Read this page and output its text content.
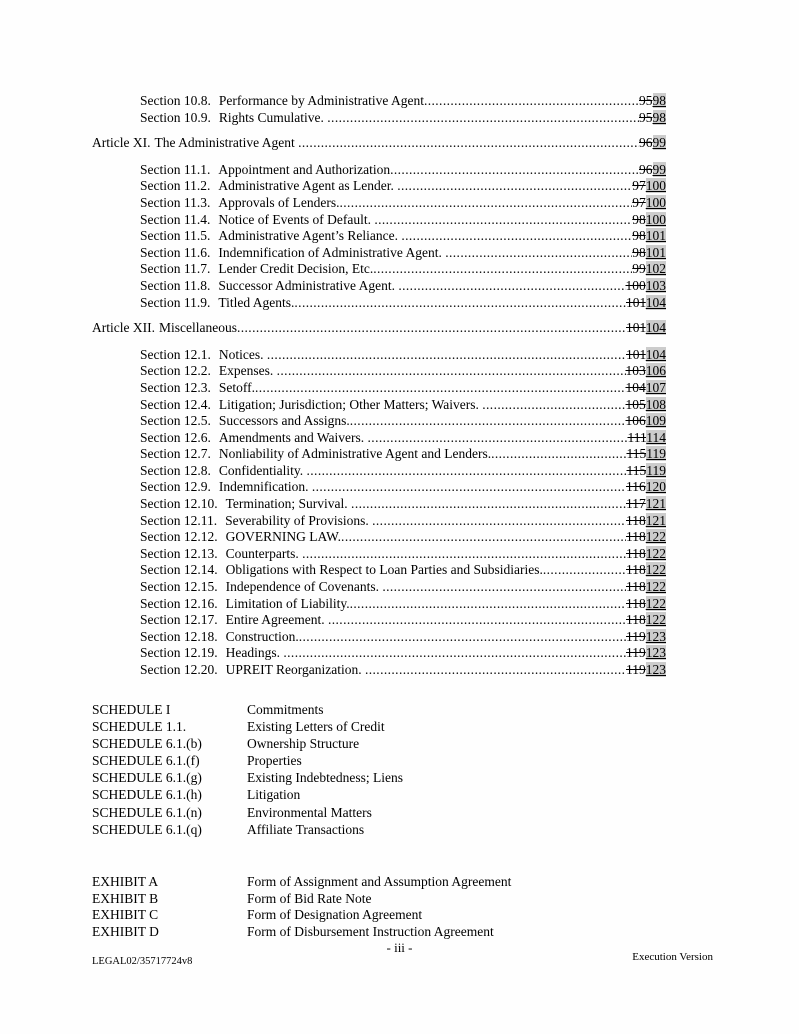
Section 10.8. Performance by Administrative Agent .....	9598
Section 10.9. Rights Cumulative. .....	9598
Article XI. The Administrative Agent .....	9699
Section 11.1. Appointment and Authorization .....	9699
Section 11.2. Administrative Agent as Lender. .....	97100
Section 11.3. Approvals of Lenders. .....	97100
Section 11.4. Notice of Events of Default. .....	98100
Section 11.5. Administrative Agent’s Reliance. .....	98101
Section 11.6. Indemnification of Administrative Agent. .....	98101
Section 11.7. Lender Credit Decision, Etc. .....	99102
Section 11.8. Successor Administrative Agent. .....	100103
Section 11.9. Titled Agents. .....	101104
Article XII. Miscellaneous .....	101104
Section 12.1. Notices. .....	101104
Section 12.2. Expenses. .....	103106
Section 12.3. Setoff. .....	104107
Section 12.4. Litigation; Jurisdiction; Other Matters; Waivers. .....	105108
Section 12.5. Successors and Assigns. .....	106109
Section 12.6. Amendments and Waivers. .....	111114
Section 12.7. Nonliability of Administrative Agent and Lenders. .....	115119
Section 12.8. Confidentiality. .....	115119
Section 12.9. Indemnification. .....	116120
Section 12.10. Termination; Survival. .....	117121
Section 12.11. Severability of Provisions. .....	118121
Section 12.12. GOVERNING LAW. .....	118122
Section 12.13. Counterparts. .....	118122
Section 12.14. Obligations with Respect to Loan Parties and Subsidiaries. .....	118122
Section 12.15. Independence of Covenants. .....	118122
Section 12.16. Limitation of Liability. .....	118122
Section 12.17. Entire Agreement. .....	118122
Section 12.18. Construction. .....	119123
Section 12.19. Headings. .....	119123
Section 12.20. UPREIT Reorganization. .....	119123
SCHEDULE I	Commitments
SCHEDULE 1.1.	Existing Letters of Credit
SCHEDULE 6.1.(b)	Ownership Structure
SCHEDULE 6.1.(f)	Properties
SCHEDULE 6.1.(g)	Existing Indebtedness; Liens
SCHEDULE 6.1.(h)	Litigation
SCHEDULE 6.1.(n)	Environmental Matters
SCHEDULE 6.1.(q)	Affiliate Transactions
EXHIBIT A	Form of Assignment and Assumption Agreement
EXHIBIT B	Form of Bid Rate Note
EXHIBIT C	Form of Designation Agreement
EXHIBIT D	Form of Disbursement Instruction Agreement
- iii -
LEGAL02/35717724v8	Execution Version
